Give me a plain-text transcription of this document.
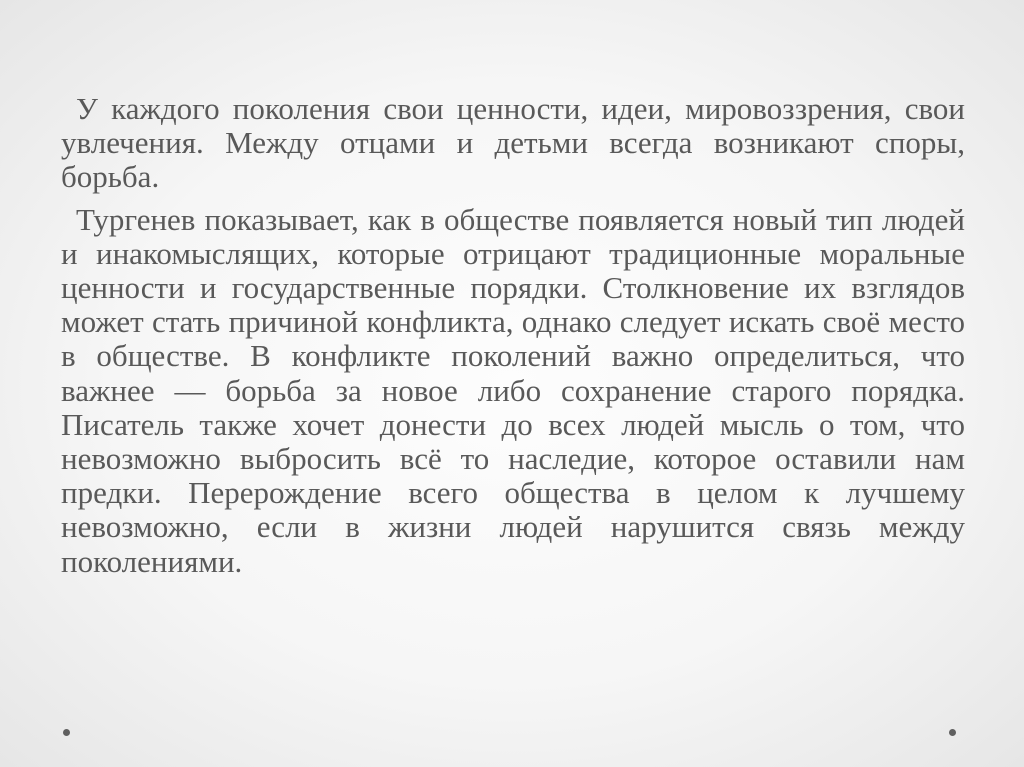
У каждого поколения свои ценности, идеи, мировоззрения, свои увлечения. Между отцами и детьми всегда возникают споры, борьба.

Тургенев показывает, как в обществе появляется новый тип людей и инакомыслящих, которые отрицают традиционные моральные ценности и государственные порядки. Столкновение их взглядов может стать причиной конфликта, однако следует искать своё место в обществе. В конфликте поколений важно определиться, что важнее — борьба за новое либо сохранение старого порядка. Писатель также хочет донести до всех людей мысль о том, что невозможно выбросить всё то наследие, которое оставили нам предки. Перерождение всего общества в целом к лучшему невозможно, если в жизни людей нарушится связь между поколениями.
